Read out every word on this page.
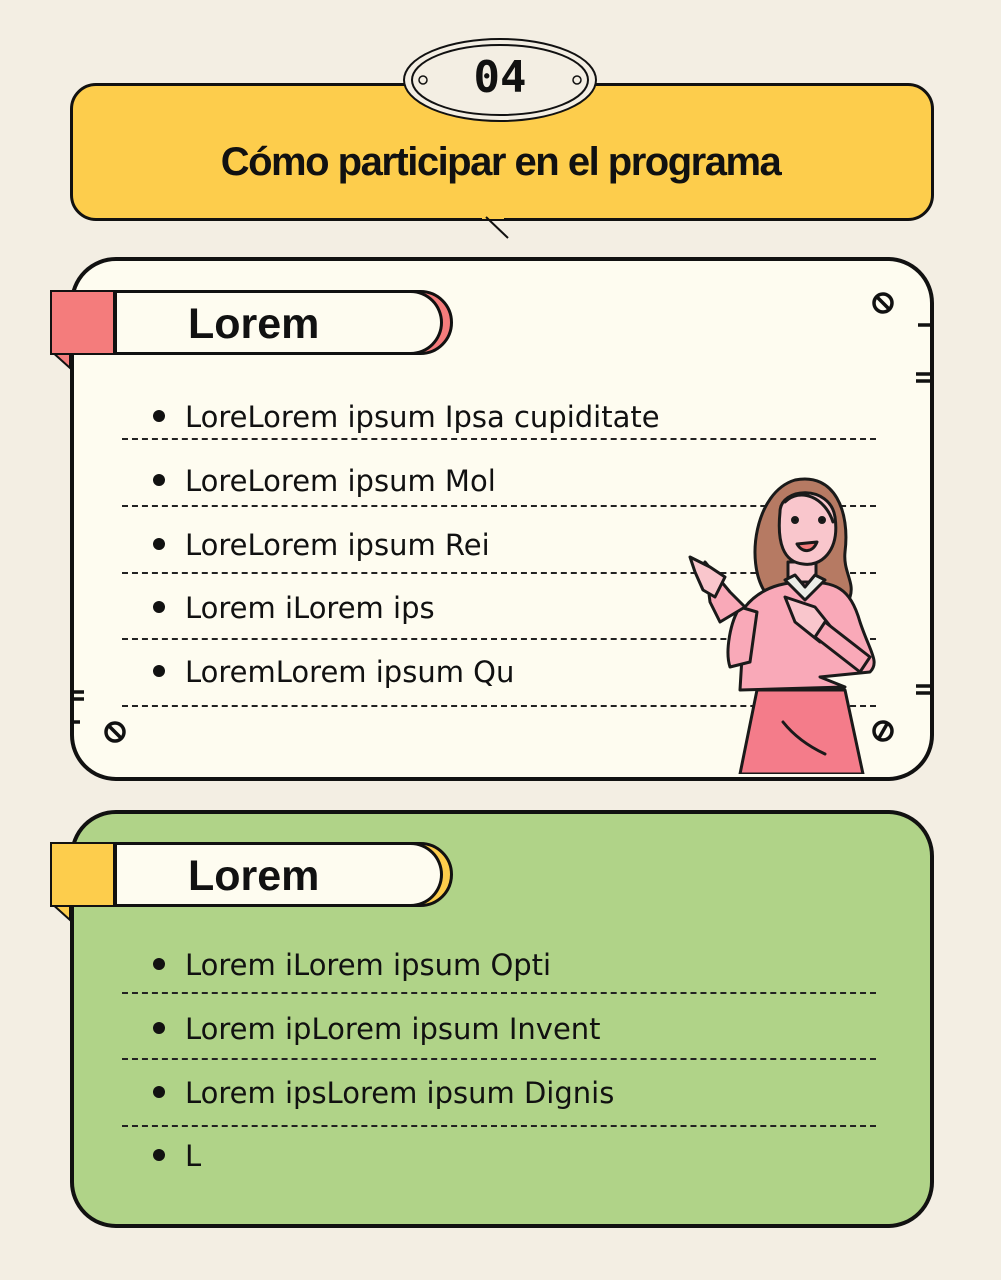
04
Cómo participar en el programa
Lorem
LoreLorem ipsum Ipsa cupiditate
LoreLorem ipsum Mol
LoreLorem ipsum Rei
Lorem iLorem ips
LoremLorem ipsum Qu
Lorem
Lorem iLorem ipsum Opti
Lorem ipLorem ipsum Invent
Lorem ipsLorem ipsum Dignis
L
